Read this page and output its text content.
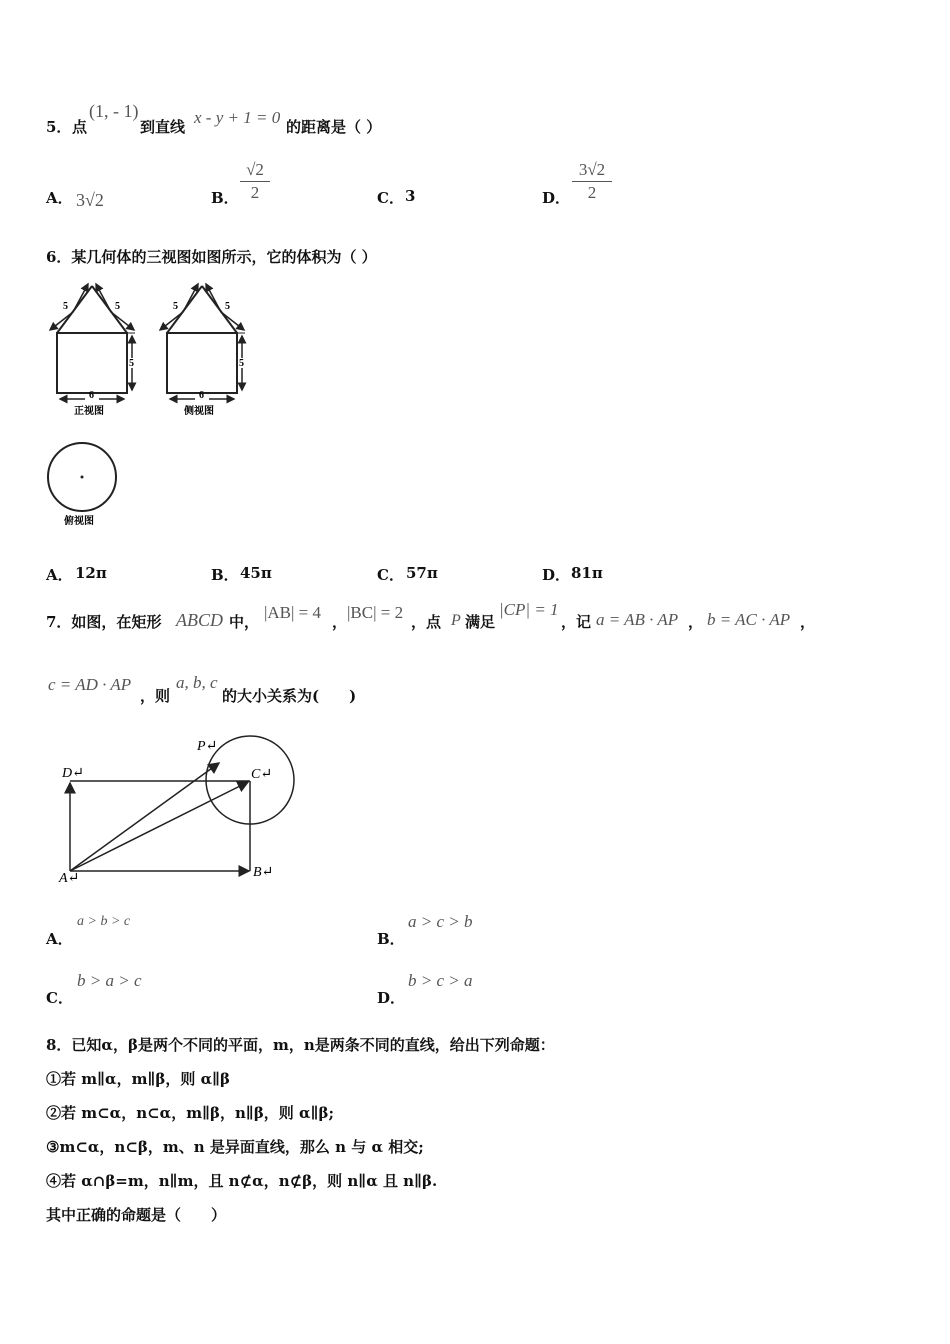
5． 点
(1, - 1)
到直线 x - y + 1 = 0 的距离是（ ）
A． 3√2	B．
√2
2	C． 3	D．
3√2
2
6．某几何体的三视图如图所示，它的体积为（ ）
5	5
5
6
正视图
5	5
5
6
侧视图
俯视图
A． 12π	B． 45π	C． 57π	D． 81π
7．如图，在矩形 ABCD 中， |AB| = 4 ， |BC| = 2 ，点 P 满足
|CP| = 1
，记 a = AB · AP ， b = AC · AP ，
c = AD · AP
，则
a, b, c
的大小关系为(　　)
A↵	B↵
C↵
D↵
P↵
A．
a > b > c
B．
a > c > b
C．
b > a > c
D．
b > c > a
8．已知α，β是两个不同的平面，m，n是两条不同的直线，给出下列命题：
①若 m∥α，m∥β，则 α∥β
②若 m⊂α，n⊂α，m∥β，n∥β，则 α∥β;
③m⊂α，n⊂β，m、n 是异面直线，那么 n 与 α 相交;
④若 α∩β=m，n∥m，且 n⊄α，n⊄β，则 n∥α 且 n∥β.
其中正确的命题是（　　）
